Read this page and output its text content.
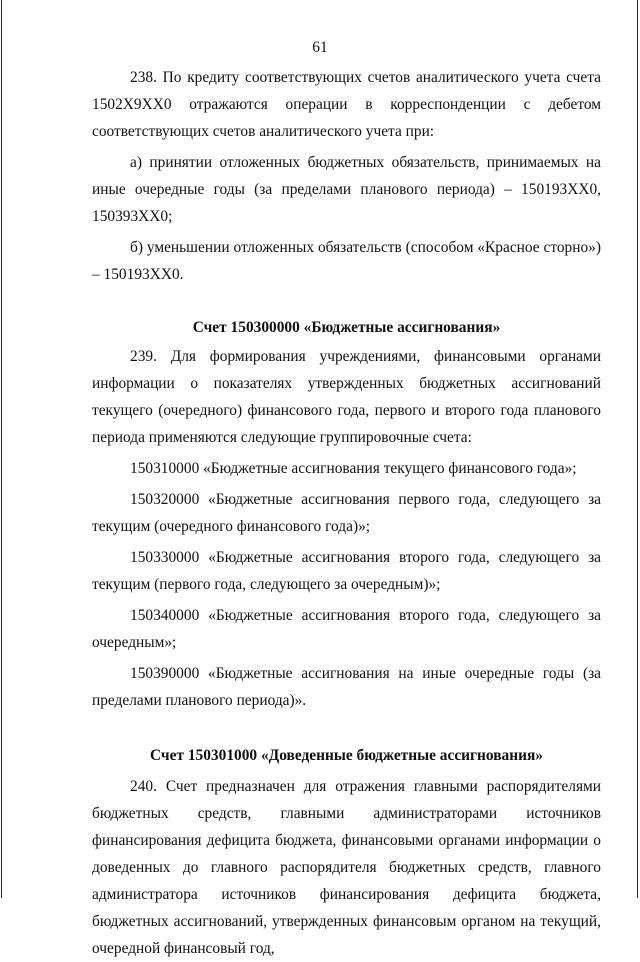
61

238. По кредиту соответствующих счетов аналитического учета счета 1502X9XX0 отражаются операции в корреспонденции с дебетом соответствующих счетов аналитического учета при:

а) принятии отложенных бюджетных обязательств, принимаемых на иные очередные годы (за пределами планового периода) – 150193XX0, 150393XX0;

б) уменьшении отложенных обязательств (способом «Красное сторно») – 150193XX0.

Счет 150300000 «Бюджетные ассигнования»

239. Для формирования учреждениями, финансовыми органами информации о показателях утвержденных бюджетных ассигнований текущего (очередного) финансового года, первого и второго года планового периода применяются следующие группировочные счета:

150310000 «Бюджетные ассигнования текущего финансового года»;

150320000 «Бюджетные ассигнования первого года, следующего за текущим (очередного финансового года)»;

150330000 «Бюджетные ассигнования второго года, следующего за текущим (первого года, следующего за очередным)»;

150340000 «Бюджетные ассигнования второго года, следующего за очередным»;

150390000 «Бюджетные ассигнования на иные очередные годы (за пределами планового периода)».

Счет 150301000 «Доведенные бюджетные ассигнования»

240. Счет предназначен для отражения главными распорядителями бюджетных средств, главными администраторами источников финансирования дефицита бюджета, финансовыми органами информации о доведенных до главного распорядителя бюджетных средств, главного администратора источников финансирования дефицита бюджета, бюджетных ассигнований, утвержденных финансовым органом на текущий, очередной финансовый год,
